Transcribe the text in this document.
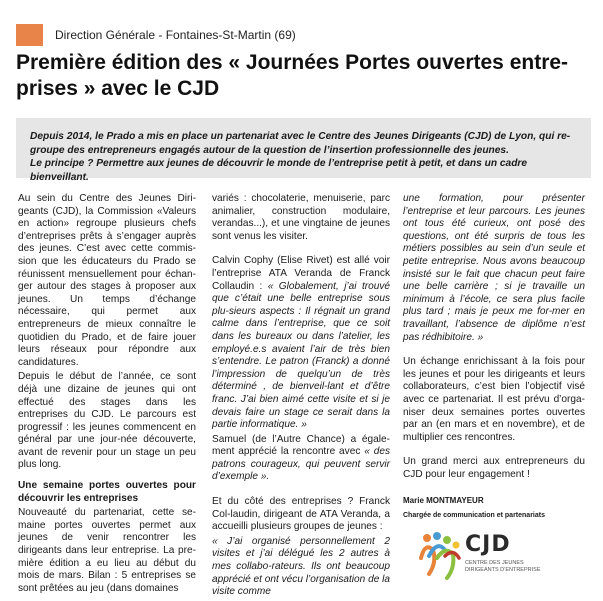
Direction Générale - Fontaines-St-Martin (69)
Première édition des « Journées Portes ouvertes entre-prises » avec le CJD
Depuis 2014, le Prado a mis en place un partenariat avec le Centre des Jeunes Dirigeants (CJD) de Lyon, qui re-groupe des entrepreneurs engagés autour de la question de l’insertion professionnelle des jeunes.
Le principe ? Permettre aux jeunes de découvrir le monde de l’entreprise petit à petit, et dans un cadre bienveillant.

Au sein du Centre des Jeunes Diri-geants (CJD), la Commission «Valeurs en action» regroupe plusieurs chefs d’entreprises prêts à s’engager auprès des jeunes. C’est avec cette commis-sion que les éducateurs du Prado se réunissent mensuellement pour échan-ger autour des stages à proposer aux jeunes. Un temps d’échange nécessaire, qui permet aux entrepreneurs de mieux connaître le quotidien du Prado, et de faire jouer leurs réseaux pour répondre aux candidatures.

Depuis le début de l’année, ce sont déjà une dizaine de jeunes qui ont effectué des stages dans les entreprises du CJD. Le parcours est progressif : les jeunes commencent en général par une jour-née découverte, avant de revenir pour un stage un peu plus long.

Une semaine portes ouvertes pour découvrir les entreprises

Nouveauté du partenariat, cette se-maine portes ouvertes permet aux jeunes de venir rencontrer les dirigeants dans leur entreprise. La pre-mière édition a eu lieu au début du mois de mars. Bilan : 5 entreprises se sont prêtées au jeu (dans domaines

variés : chocolaterie, menuiserie, parc animalier, construction modulaire, verandas...), et une vingtaine de jeunes sont venus les visiter.

Calvin Cophy (Elise Rivet) est allé voir l’entreprise ATA Veranda de Franck Collaudin : « Globalement, j’ai trouvé que c’était une belle entreprise sous plu-sieurs aspects : Il régnait un grand calme dans l’entreprise, que ce soit dans les bureaux ou dans l’atelier, les employé.e.s avaient l’air de très bien s’entendre. Le patron (Franck) a donné l’impression de quelqu’un de très déterminé , de bienveil-lant et d’être franc. J’ai bien aimé cette visite et si je devais faire un stage ce serait dans la partie informatique. »

Samuel (de l’Autre Chance) a égale-ment apprécié la rencontre avec « des patrons courageux, qui peuvent servir d’exemple ».

Et du côté des entreprises ? Franck Col-laudin, dirigeant de ATA Veranda, a accueilli plusieurs groupes de jeunes :

« J’ai organisé personnellement 2 visites et j’ai délégué les 2 autres à mes collabo-rateurs. Ils ont beaucoup apprécié et ont vécu l’organisation de la visite comme

une formation, pour présenter l’entreprise et leur parcours. Les jeunes ont tous été curieux, ont posé des questions, ont été surpris de tous les métiers possibles au sein d’un seule et petite entreprise. Nous avons beaucoup insisté sur le fait que chacun peut faire une belle carrière ; si je travaille un minimum à l’école, ce sera plus facile plus tard ; mais je peux me for-mer en travaillant, l’absence de diplôme n’est pas rédhibitoire. »

Un échange enrichissant à la fois pour les jeunes et pour les dirigeants et leurs collaborateurs, c’est bien l’objectif visé avec ce partenariat. Il est prévu d’orga-niser deux semaines portes ouvertes par an (en mars et en novembre), et de multiplier ces rencontres.

Un grand merci aux entrepreneurs du CJD pour leur engagement !

Marie MONTMAYEUR

Chargée de communication et partenariats

CJD
CENTRE DES JEUNES DIRIGEANTS D’ENTREPRISE
